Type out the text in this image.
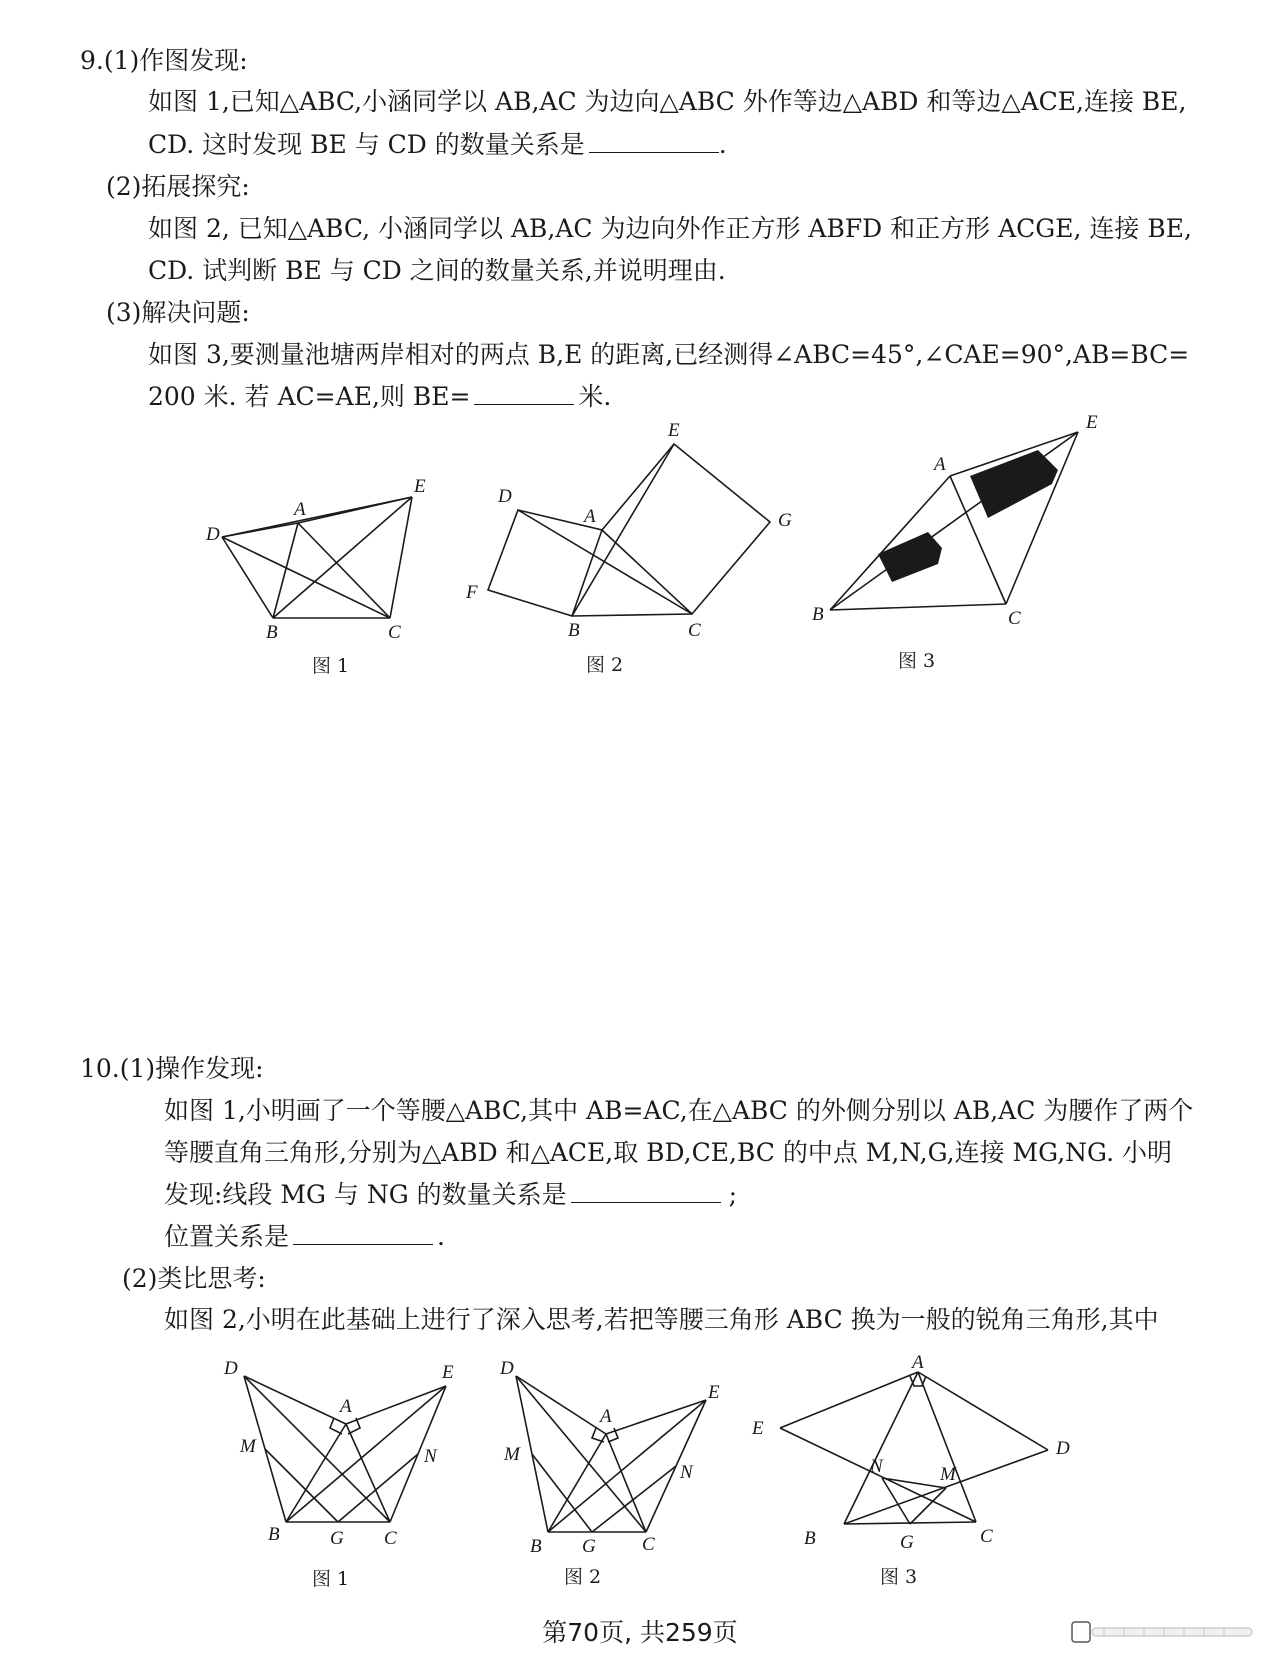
9.(1)作图发现:
如图 1,已知△ABC,小涵同学以 AB,AC 为边向△ABC 外作等边△ABD 和等边△ACE,连接 BE,
CD. 这时发现 BE 与 CD 的数量关系是	.
(2)拓展探究:
如图 2, 已知△ABC, 小涵同学以 AB,AC 为边向外作正方形 ABFD 和正方形 ACGE, 连接 BE,
CD. 试判断 BE 与 CD 之间的数量关系,并说明理由.
(3)解决问题:
如图 3,要测量池塘两岸相对的两点 B,E 的距离,已经测得∠ABC=45°,∠CAE=90°,AB=BC=
200 米. 若 AC=AE,则 BE=	米.
D
A
E
B	C
图 1
E
D
A	G
F
B	C
图 2
E
A
B	C
图 3
10.(1)操作发现:
如图 1,小明画了一个等腰△ABC,其中 AB=AC,在△ABC 的外侧分别以 AB,AC 为腰作了两个
等腰直角三角形,分别为△ABD 和△ACE,取 BD,CE,BC 的中点 M,N,G,连接 MG,NG. 小明
发现:线段 MG 与 NG 的数量关系是	;
位置关系是	.
(2)类比思考:
如图 2,小明在此基础上进行了深入思考,若把等腰三角形 ABC 换为一般的锐角三角形,其中
D	E
A
M	N
B	G C
图 1
D
E
A
M
N
B G C
图 2
A
E
D
N	M
B	G	C
图 3
第70页, 共259页
